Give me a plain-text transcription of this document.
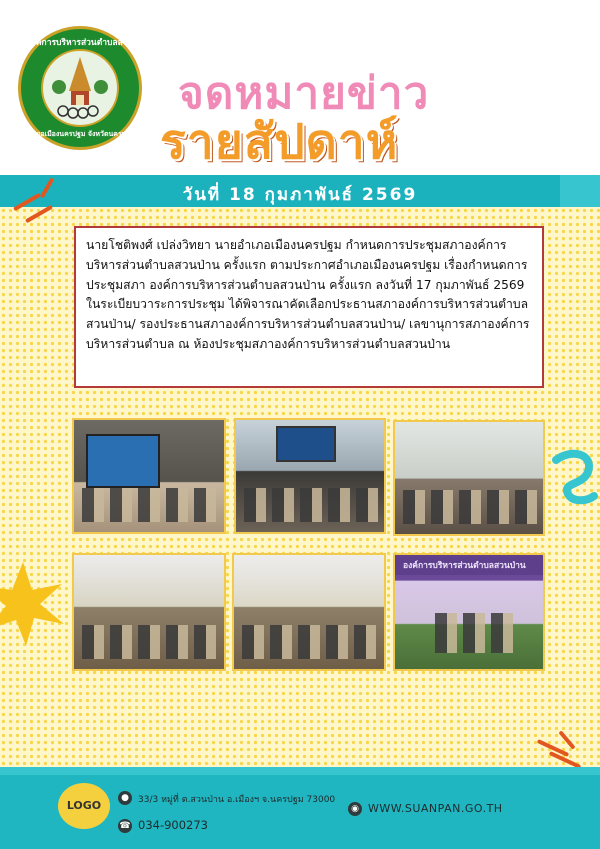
องค์การบริหารส่วนตำบลสวน
อำเภอเมืองนครปฐม จังหวัดนครปฐม
จดหมายข่าว
รายสัปดาห์
วันที่ 18 กุมภาพันธ์ 2569

นายโชติพงศ์ เปล่งวิทยา นายอำเภอเมืองนครปฐม กำหนดการประชุมสภาองค์การบริหารส่วนตำบลสวนป่าน ครั้งแรก ตามประกาศอำเภอเมืองนครปฐม เรื่องกำหนดการประชุมสภา องค์การบริหารส่วนตำบลสวนป่าน ครั้งแรก ลงวันที่ 17 กุมภาพันธ์ 2569 ในระเบียบวาระการประชุม ได้พิจารณาคัดเลือกประธานสภาองค์การบริหารส่วนตำบลสวนป่าน/ รองประธานสภาองค์การบริหารส่วนตำบลสวนป่าน/ เลขานุการสภาองค์การบริหารส่วนตำบล ณ ห้องประชุมสภาองค์การบริหารส่วนตำบลสวนป่าน

องค์การบริหารส่วนตำบลสวนป่าน
LOGO
●	33/3 หมู่ที่ ต.สวนป่าน อ.เมืองฯ จ.นครปฐม 73000
☎ 034-900273
◉ WWW.SUANPAN.GO.TH
